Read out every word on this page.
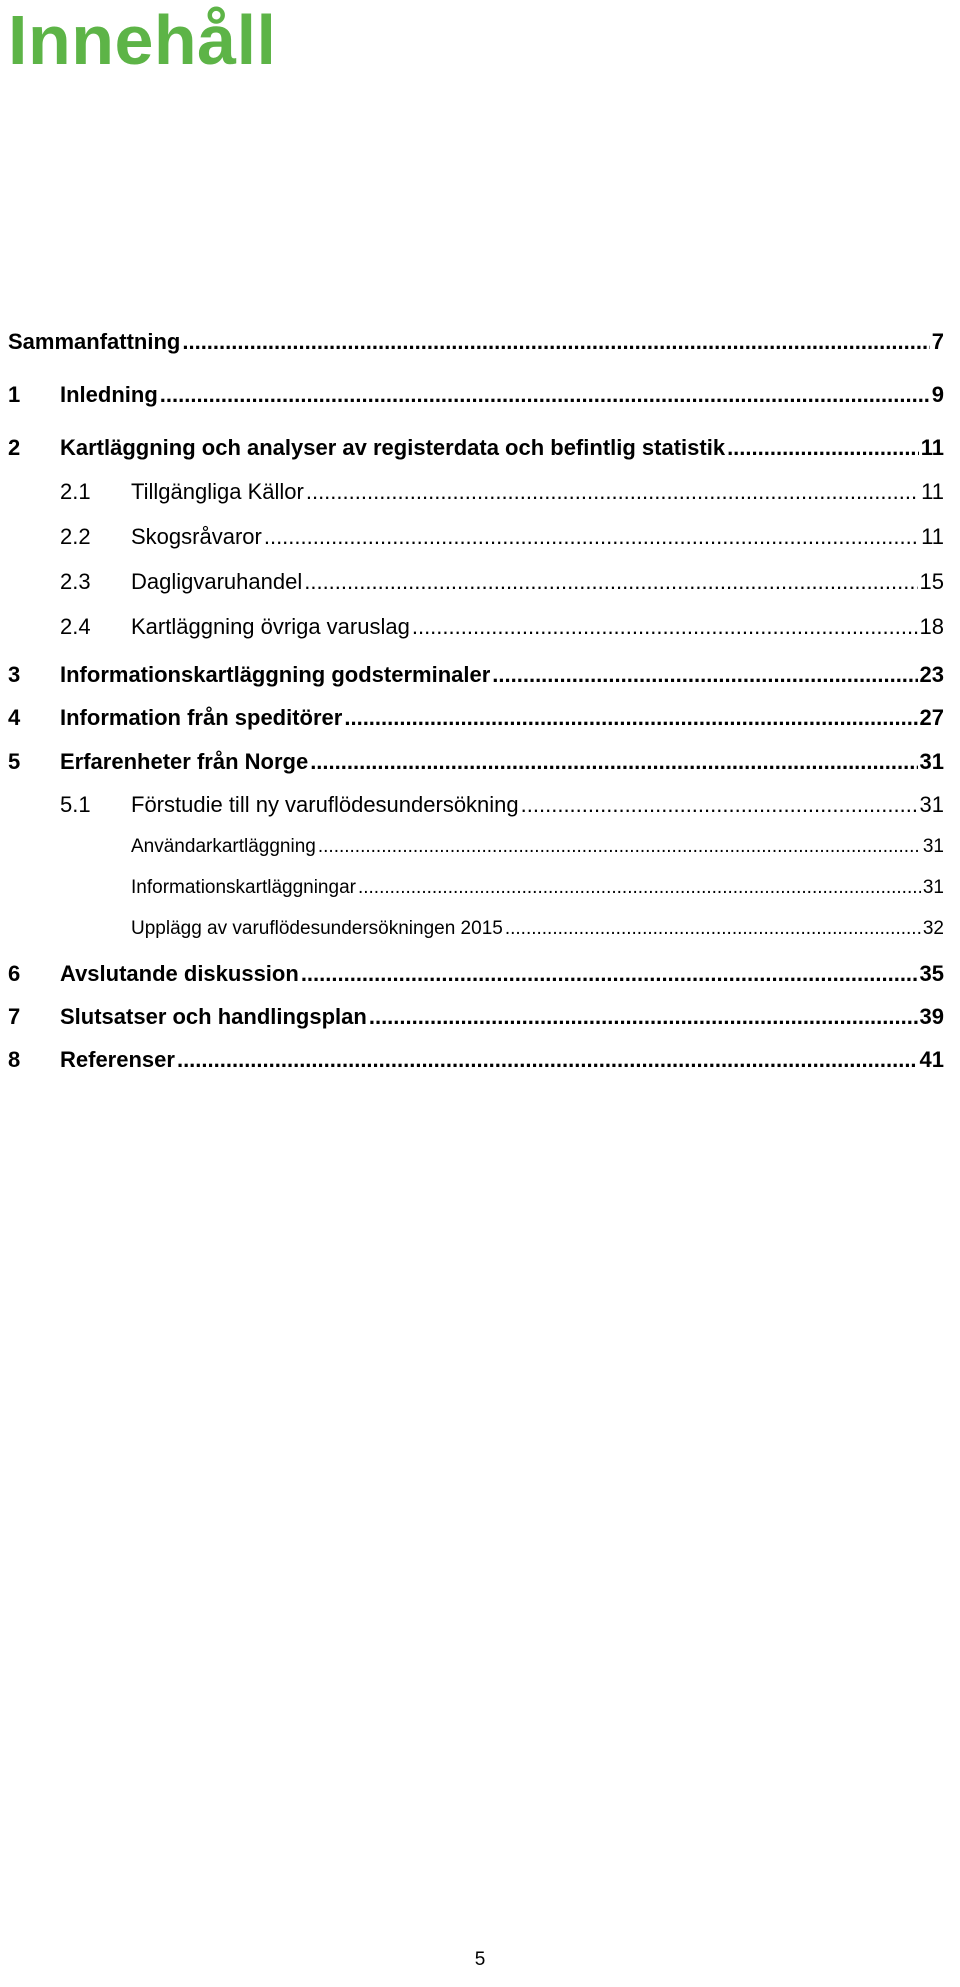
Innehåll
Sammanfattning .....	7
1 Inledning .....	9
2 Kartläggning och analyser av registerdata och befintlig statistik .....	11
2.1 Tillgängliga Källor .....	11
2.2 Skogsråvaror .....	11
2.3 Dagligvaruhandel .....	15
2.4 Kartläggning övriga varuslag .....	18
3 Informationskartläggning godsterminaler .....	23
4 Information från speditörer .....	27
5 Erfarenheter från Norge .....	31
5.1 Förstudie till ny varuflödesundersökning .....	31
Användarkartläggning .....	31
Informationskartläggningar .....	31
Upplägg av varuflödesundersökningen 2015 .....	32
6 Avslutande diskussion .....	35
7 Slutsatser och handlingsplan .....	39
8 Referenser .....	41
5
